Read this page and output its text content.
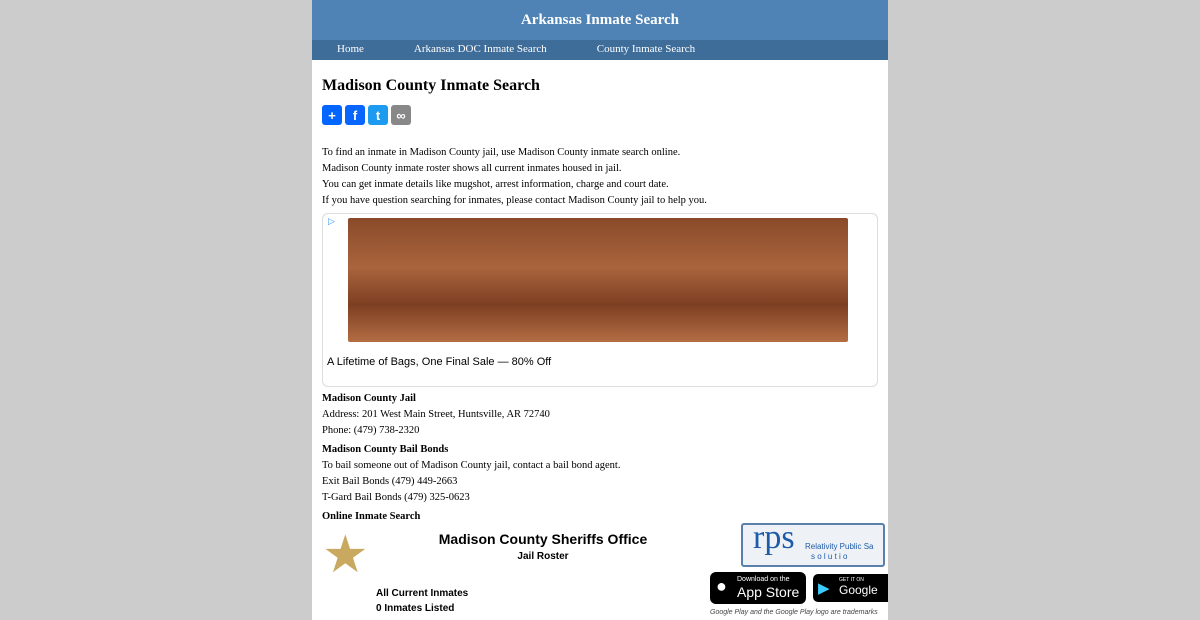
Arkansas Inmate Search
Home	Arkansas DOC Inmate Search	County Inmate Search
Madison County Inmate Search
+	f	t	∞

To find an inmate in Madison County jail, use Madison County inmate search online.

Madison County inmate roster shows all current inmates housed in jail.

You can get inmate details like mugshot, arrest information, charge and court date.

If you have question searching for inmates, please contact Madison County jail to help you.

▷
A Lifetime of Bags, One Final Sale — 80% Off

Madison County Jail

Address: 201 West Main Street, Huntsville, AR 72740

Phone: (479) 738-2320

Madison County Bail Bonds

To bail someone out of Madison County jail, contact a bail bond agent.

Exit Bail Bonds (479) 449-2663

T-Gard Bail Bonds (479) 325-0623

Online Inmate Search

★	Madison County Sheriffs Office
Jail Roster
All Current Inmates
0 Inmates Listed
rps Relativity Public Sa
s o l u t i o
● Download on the
App Store ▶ GET IT ON
Google
Google Play and the Google Play logo are trademarks
